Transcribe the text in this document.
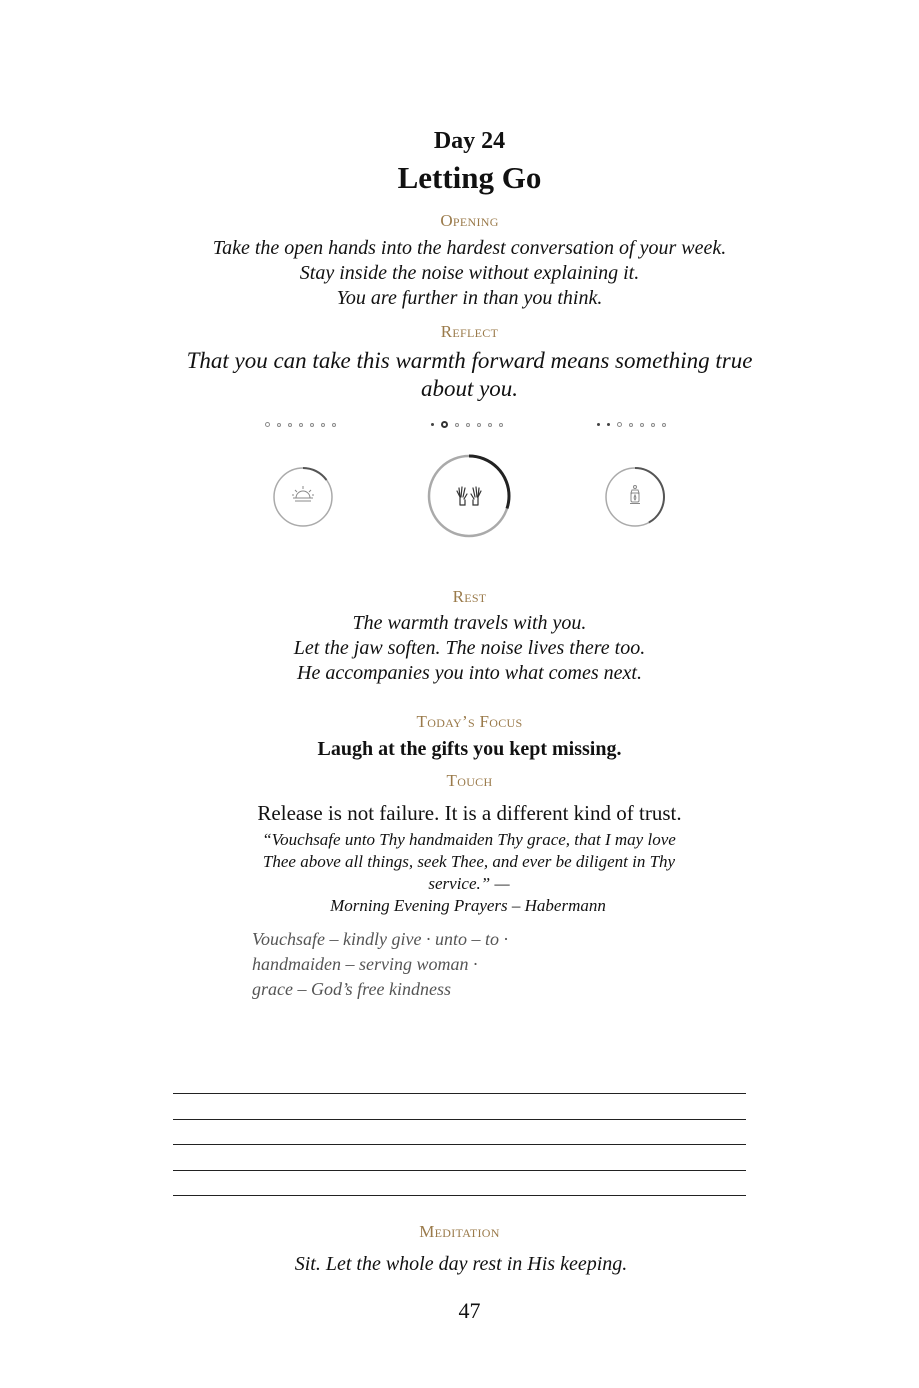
Day 24
Letting Go
Opening
Take the open hands into the hardest conversation of your week.
Stay inside the noise without explaining it.
You are further in than you think.
Reflect
That you can take this warmth forward means something true about you.
Rest
The warmth travels with you.
Let the jaw soften. The noise lives there too.
He accompanies you into what comes next.
Today’s Focus
Laugh at the gifts you kept missing.
Touch
Release is not failure. It is a different kind of trust.
“Vouchsafe unto Thy handmaiden Thy grace, that I may love Thee above all things, seek Thee, and ever be diligent in Thy service.” —
Morning Evening Prayers – Habermann
Vouchsafe – kindly give · unto – to ·
handmaiden – serving woman ·
grace – God’s free kindness
Meditation
Sit. Let the whole day rest in His keeping.
47
